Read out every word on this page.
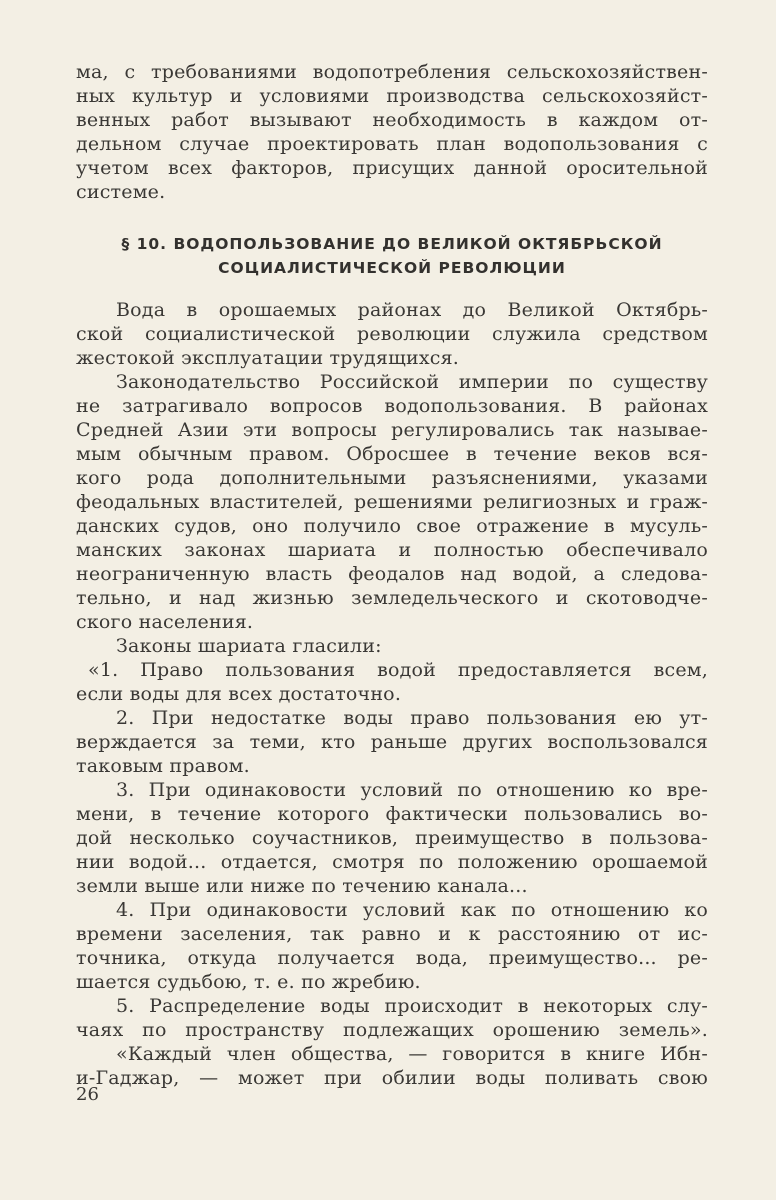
ма, с требованиями водопотребления сельскохозяйствен-
ных культур и условиями производства сельскохозяйст-
венных работ вызывают необходимость в каждом от-
дельном случае проектировать план водопользования с
учетом всех факторов, присущих данной оросительной
системе.
§ 10. ВОДОПОЛЬЗОВАНИЕ ДО ВЕЛИКОЙ ОКТЯБРЬСКОЙ
СОЦИАЛИСТИЧЕСКОЙ РЕВОЛЮЦИИ
Вода в орошаемых районах до Великой Октябрь-
ской социалистической революции служила средством
жестокой эксплуатации трудящихся.
Законодательство Российской империи по существу
не затрагивало вопросов водопользования. В районах
Средней Азии эти вопросы регулировались так называе-
мым обычным правом. Обросшее в течение веков вся-
кого рода дополнительными разъяснениями, указами
феодальных властителей, решениями религиозных и граж-
данских судов, оно получило свое отражение в мусуль-
манских законах шариата и полностью обеспечивало
неограниченную власть феодалов над водой, а следова-
тельно, и над жизнью земледельческого и скотоводче-
ского населения.
Законы шариата гласили:
«1. Право пользования водой предоставляется всем,
если воды для всех достаточно.
2. При недостатке воды право пользования ею ут-
верждается за теми, кто раньше других воспользовался
таковым правом.
3. При одинаковости условий по отношению ко вре-
мени, в течение которого фактически пользовались во-
дой несколько соучастников, преимущество в пользова-
нии водой... отдается, смотря по положению орошаемой
земли выше или ниже по течению канала...
4. При одинаковости условий как по отношению ко
времени заселения, так равно и к расстоянию от ис-
точника, откуда получается вода, преимущество... ре-
шается судьбою, т. е. по жребию.
5. Распределение воды происходит в некоторых слу-
чаях по пространству подлежащих орошению земель».
«Каждый член общества, — говорится в книге Ибн-
и-Гаджар, — может при обилии воды поливать свою
26
